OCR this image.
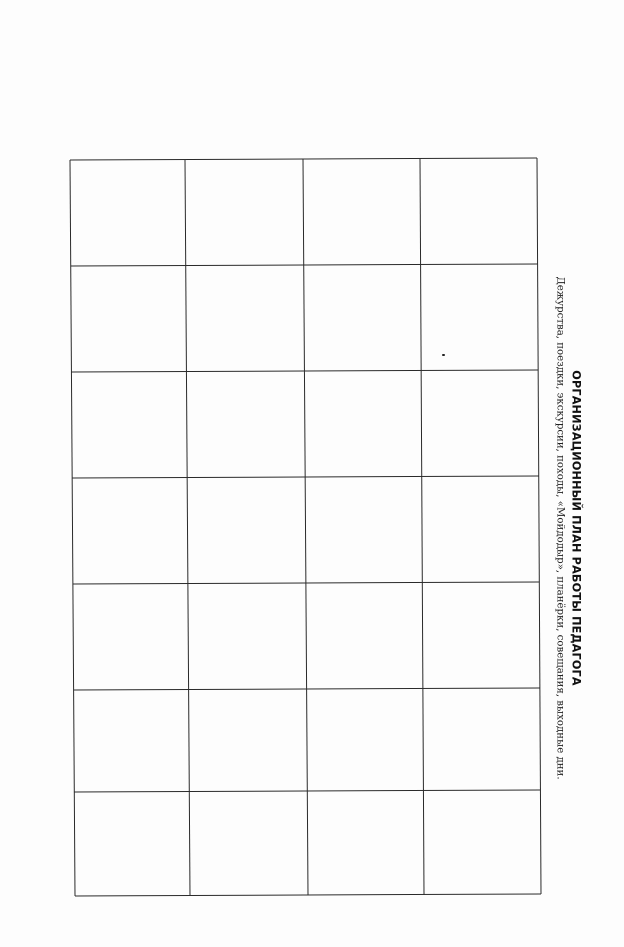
ОРГАНИЗАЦИОННЫЙ ПЛАН РАБОТЫ ПЕДАГОГА
Дежурства, поездки, экскурсии, походы, «Мойдодыр», планёрки, совещания, выходные дни.
